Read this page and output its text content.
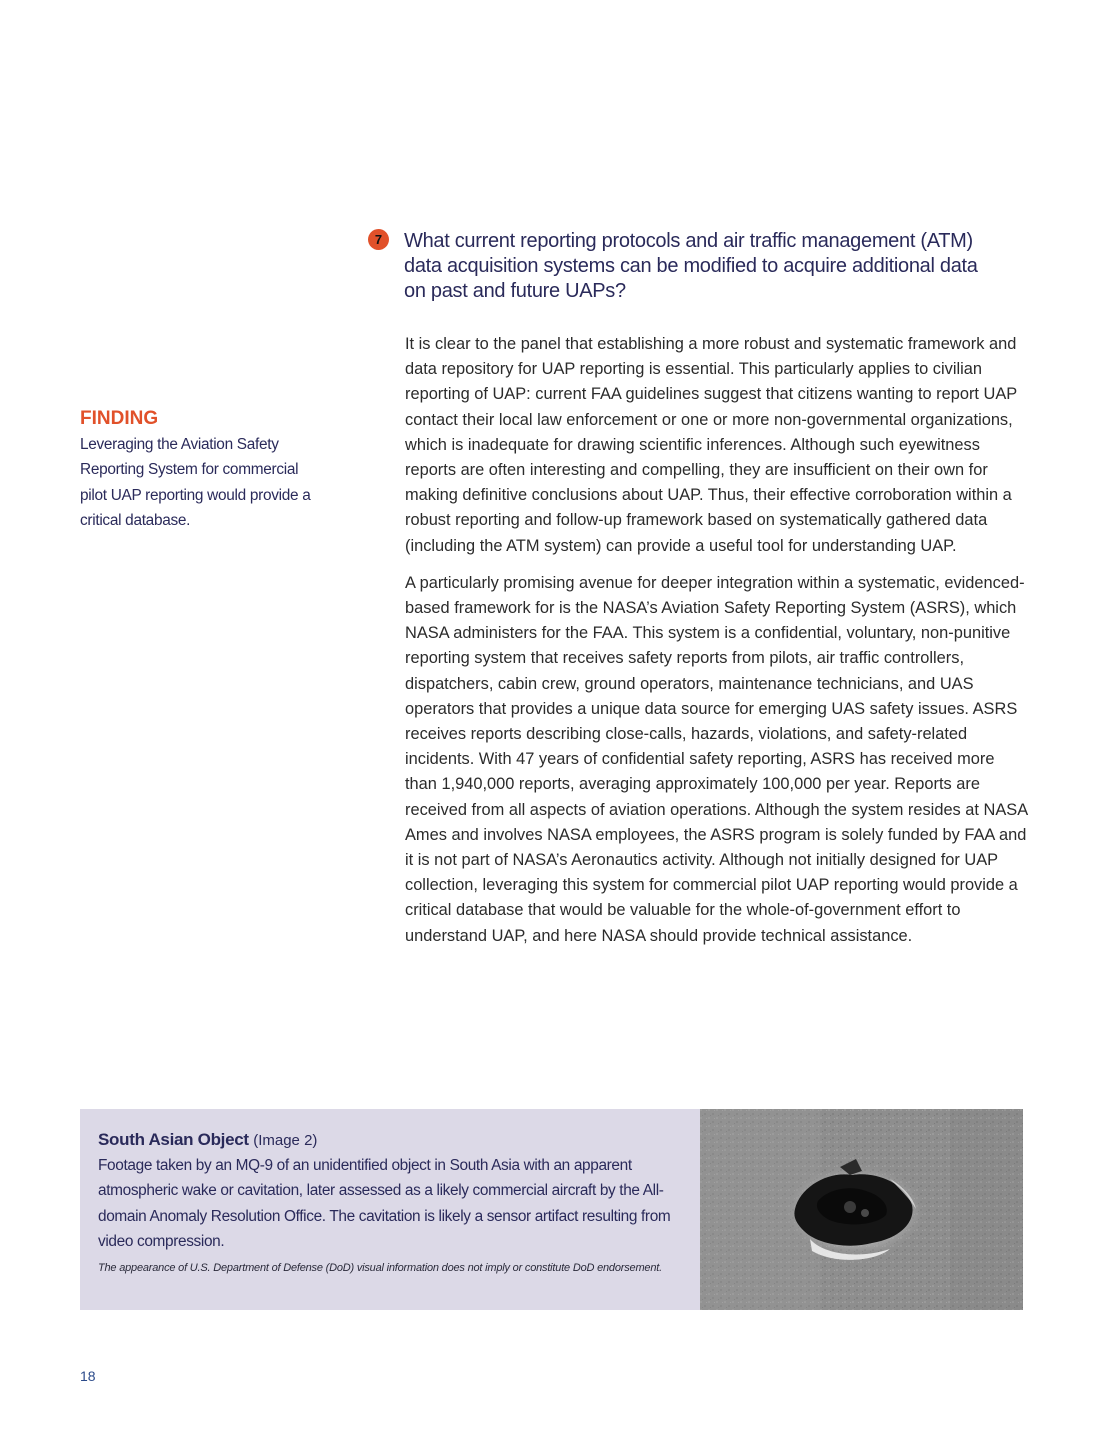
7	What current reporting protocols and air traffic management (ATM) data acquisition systems can be modified to acquire additional data on past and future UAPs?
FINDING
Leveraging the Aviation Safety Reporting System for commercial pilot UAP reporting would provide a critical database.

It is clear to the panel that establishing a more robust and systematic framework and data repository for UAP reporting is essential. This particularly applies to civilian reporting of UAP: current FAA guidelines suggest that citizens wanting to report UAP contact their local law enforcement or one or more non-governmental organizations, which is inadequate for drawing scientific inferences. Although such eyewitness reports are often interesting and compelling, they are insufficient on their own for making definitive conclusions about UAP. Thus, their effective corroboration within a robust reporting and follow-up framework based on systematically gathered data (including the ATM system) can provide a useful tool for understanding UAP.

A particularly promising avenue for deeper integration within a systematic, evidenced-based framework for is the NASA’s Aviation Safety Reporting System (ASRS), which NASA administers for the FAA. This system is a confidential, voluntary, non-punitive reporting system that receives safety reports from pilots, air traffic controllers, dispatchers, cabin crew, ground operators, maintenance technicians, and UAS operators that provides a unique data source for emerging UAS safety issues. ASRS receives reports describing close-calls, hazards, violations, and safety-related incidents. With 47 years of confidential safety reporting, ASRS has received more than 1,940,000 reports, averaging approximately 100,000 per year. Reports are received from all aspects of aviation operations. Although the system resides at NASA Ames and involves NASA employees, the ASRS program is solely funded by FAA and it is not part of NASA’s Aeronautics activity. Although not initially designed for UAP collection, leveraging this system for commercial pilot UAP reporting would provide a critical database that would be valuable for the whole-of-government effort to understand UAP, and here NASA should provide technical assistance.

South Asian Object (Image 2)
Footage taken by an MQ-9 of an unidentified object in South Asia with an apparent atmospheric wake or cavitation, later assessed as a likely commercial aircraft by the All-domain Anomaly Resolution Office. The cavitation is likely a sensor artifact resulting from video compression.
The appearance of U.S. Department of Defense (DoD) visual information does not imply or constitute DoD endorsement.
18
